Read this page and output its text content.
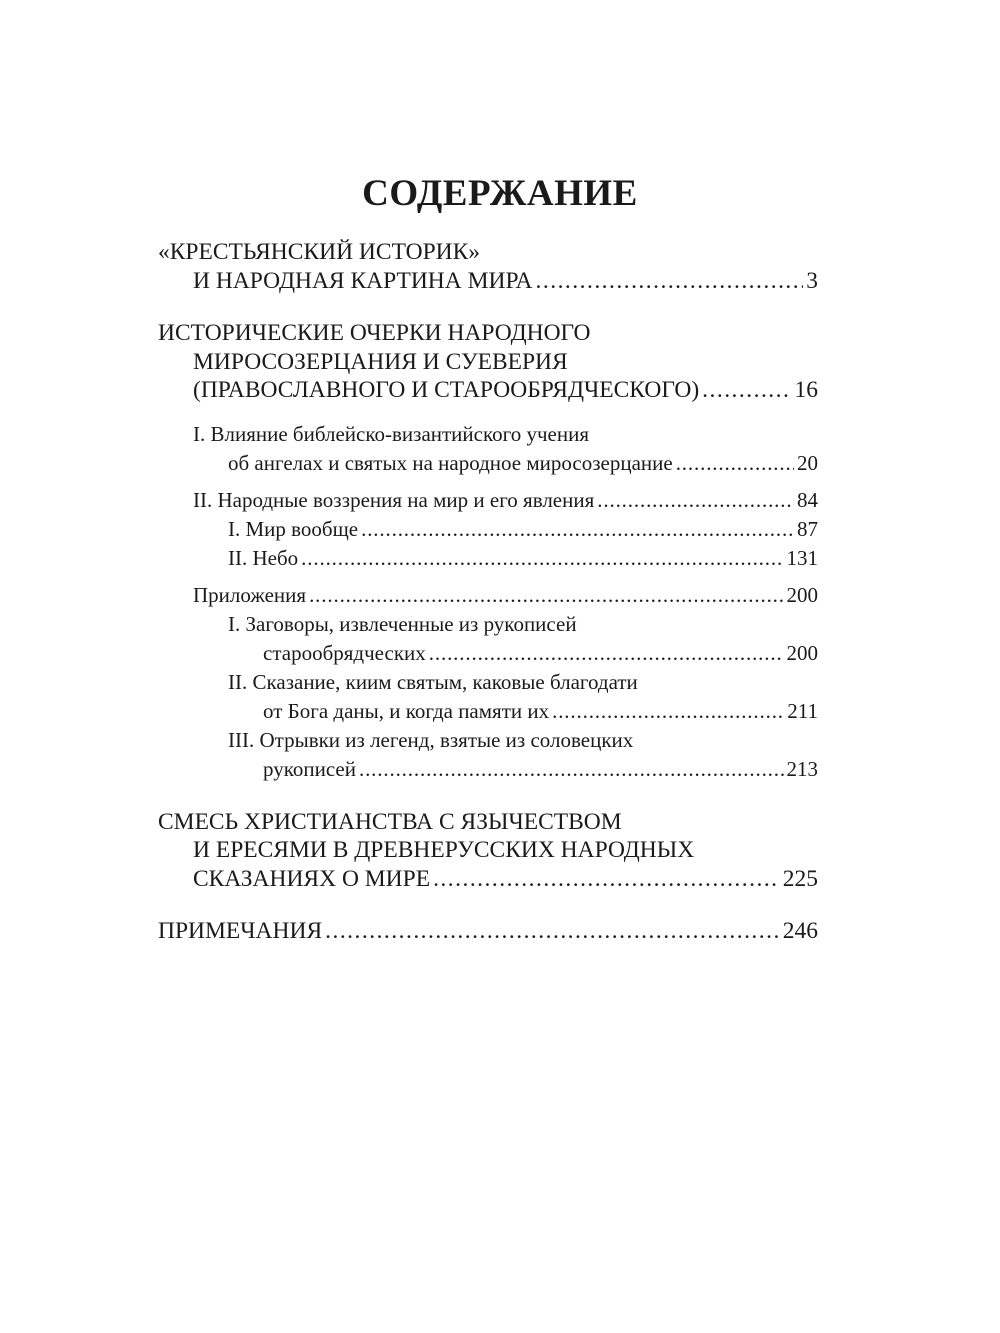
СОДЕРЖАНИЕ
«КРЕСТЬЯНСКИЙ ИСТОРИК»
И НАРОДНАЯ КАРТИНА МИРА . . .	3
ИСТОРИЧЕСКИЕ ОЧЕРКИ НАРОДНОГО
МИРОСОЗЕРЦАНИЯ И СУЕВЕРИЯ
(ПРАВОСЛАВНОГО И СТАРООБРЯДЧЕСКОГО) . . .	16
I. Влияние библейско-византийского учения
об ангелах и святых на народное миросозерцание . . .	20
II. Народные воззрения на мир и его явления . . .	84
I. Мир вообще . . .	87
II. Небо . . .	131
Приложения . . .	200
I. Заговоры, извлеченные из рукописей
старообрядческих . . .	200
II. Сказание, киим святым, каковые благодати
от Бога даны, и когда памяти их . . .	211
III. Отрывки из легенд, взятые из соловецких
рукописей . . .	213
СМЕСЬ ХРИСТИАНСТВА С ЯЗЫЧЕСТВОМ
И ЕРЕСЯМИ В ДРЕВНЕРУССКИХ НАРОДНЫХ
СКАЗАНИЯХ О МИРЕ . . .	225
ПРИМЕЧАНИЯ . . .	246
